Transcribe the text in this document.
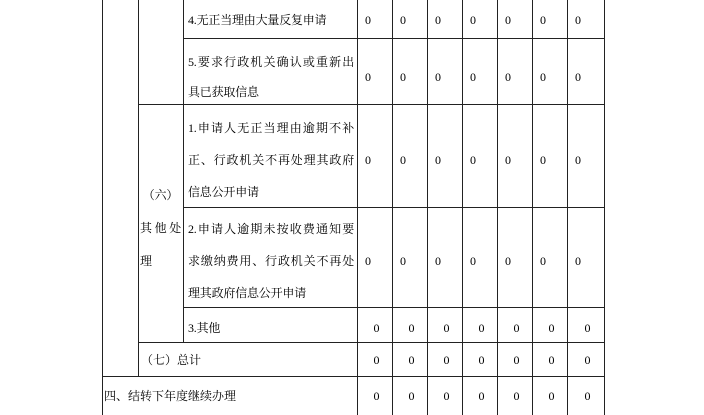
4.无正当理由大量反复申请	0	0	0	0	0	0	0
5.要求行政机关确认或重新出
具已获取信息
0	0	0	0	0	0	0
（六）
其他处
理
1.申请人无正当理由逾期不补
正、行政机关不再处理其政府
信息公开申请
0	0	0	0	0	0	0
2.申请人逾期未按收费通知要
求缴纳费用、行政机关不再处
理其政府信息公开申请
0	0	0	0	0	0	0
3.其他	0	0	0	0	0	0	0
（七）总计	0	0	0	0	0	0	0
四、结转下年度继续办理	0	0	0	0	0	0	0
